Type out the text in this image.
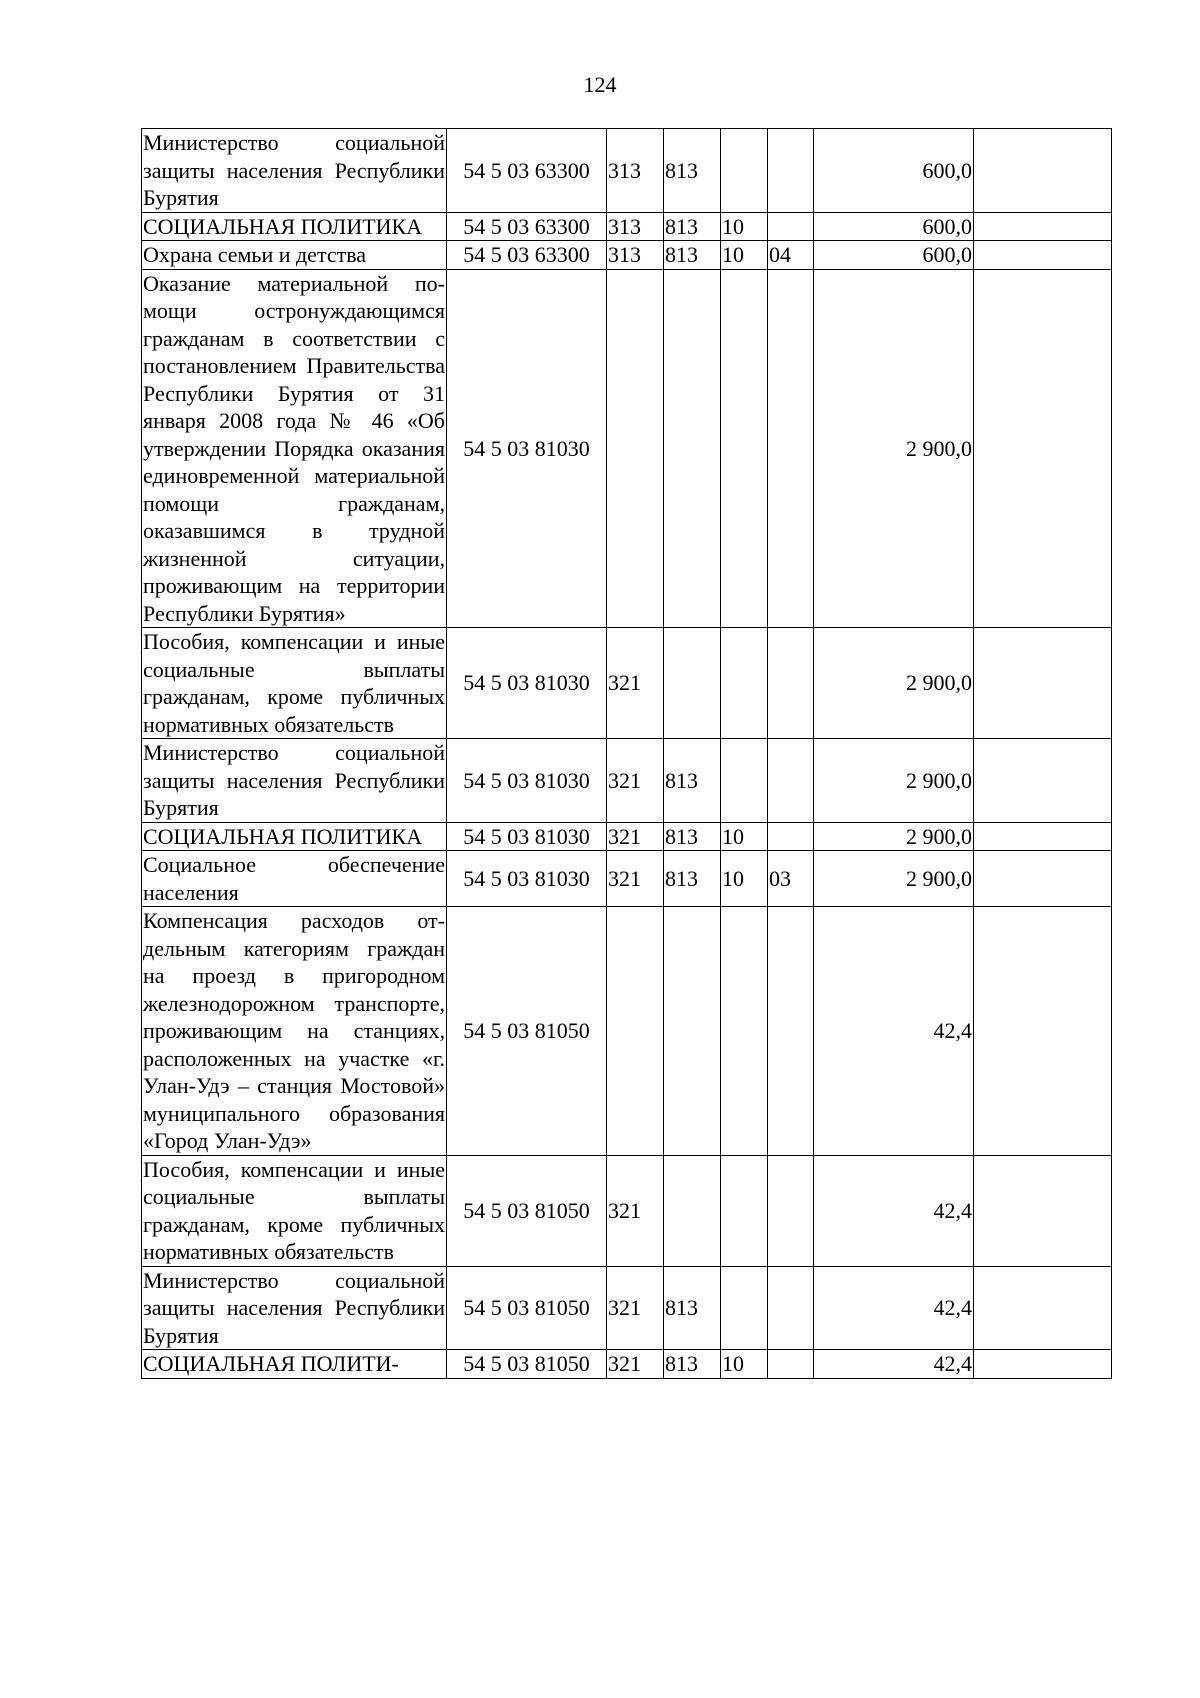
124
Министерство социальной защиты населения Республики Бурятия	54 5 03 63300	313	813			600,0	
СОЦИАЛЬНАЯ ПОЛИТИКА	54 5 03 63300	313	813	10		600,0	
Охрана семьи и детства	54 5 03 63300	313	813	10	04	600,0	
Оказание материальной помощи остронуждающимся гражданам в соответствии с постановлением Правительства Республики Бурятия от 31 января 2008 года № 46 «Об утверждении Порядка оказания единовременной материальной помощи гражданам, оказавшимся в трудной жизненной ситуации, проживающим на территории Республики Бурятия»	54 5 03 81030					2 900,0	
Пособия, компенсации и иные социальные выплаты гражданам, кроме публичных нормативных обязательств	54 5 03 81030	321				2 900,0	
Министерство социальной защиты населения Республики Бурятия	54 5 03 81030	321	813			2 900,0	
СОЦИАЛЬНАЯ ПОЛИТИКА	54 5 03 81030	321	813	10		2 900,0	
Социальное обеспечение населения	54 5 03 81030	321	813	10	03	2 900,0	
Компенсация расходов отдельным категориям граждан на проезд в пригородном железнодорожном транспорте, проживающим на станциях, расположенных на участке «г. Улан-Удэ – станция Мостовой» муниципального образования «Город Улан-Удэ»	54 5 03 81050					42,4	
Пособия, компенсации и иные социальные выплаты гражданам, кроме публичных нормативных обязательств	54 5 03 81050	321				42,4	
Министерство социальной защиты населения Республики Бурятия	54 5 03 81050	321	813			42,4	
СОЦИАЛЬНАЯ ПОЛИТИ-	54 5 03 81050	321	813	10		42,4	
